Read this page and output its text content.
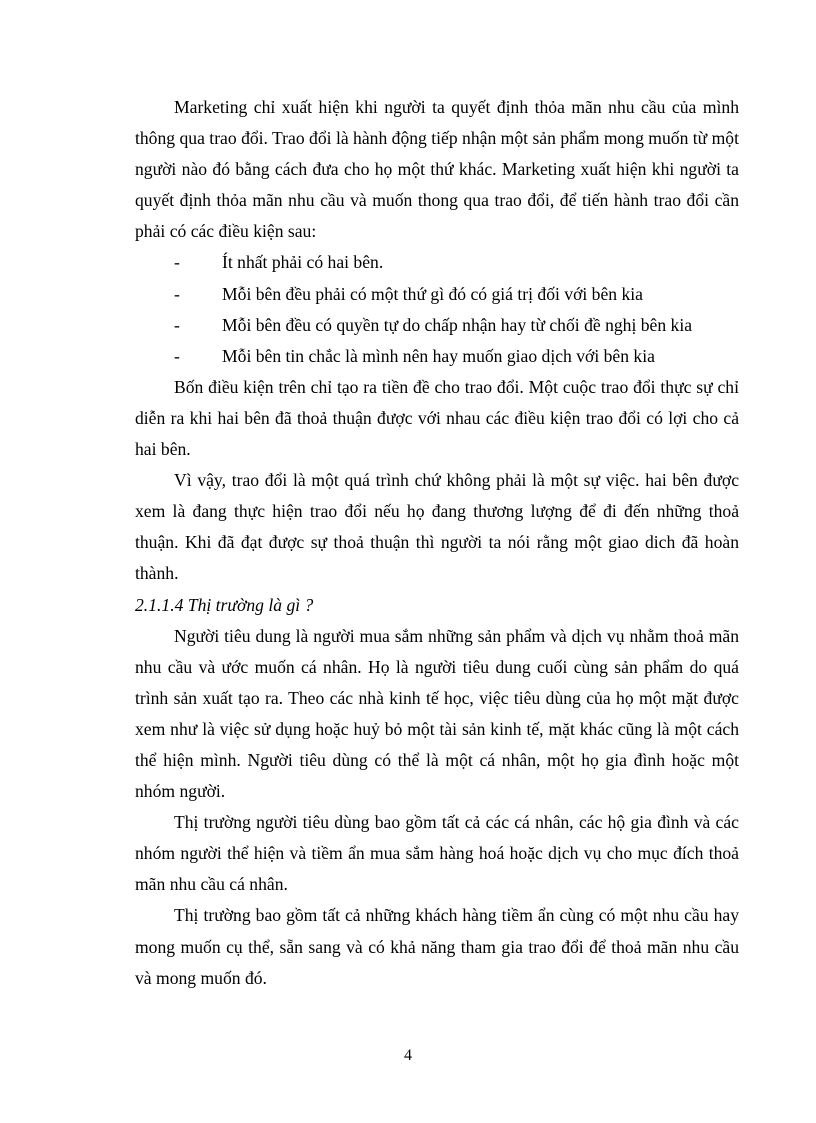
Marketing chỉ xuất hiện khi người ta quyết định thỏa mãn nhu cầu của mình thông qua trao đổi. Trao đổi là hành động tiếp nhận một sản phẩm mong muốn từ một người nào đó bằng cách đưa cho họ một thứ khác. Marketing xuất hiện khi người ta quyết định thỏa mãn nhu cầu và muốn thong qua trao đổi, để tiến hành trao đổi cần phải có các điều kiện sau:

-	Ít nhất phải có hai bên.
-	Mỗi bên đều phải có một thứ gì đó có giá trị đối với bên kia
-	Mỗi bên đều có quyền tự do chấp nhận hay từ chối đề nghị bên kia
-	Mỗi bên tin chắc là mình nên hay muốn giao dịch với bên kia

Bốn điều kiện trên chỉ tạo ra tiền đề cho trao đổi. Một cuộc trao đổi thực sự chỉ diễn ra khi hai bên đã thoả thuận được với nhau các điều kiện trao đổi có lợi cho cả hai bên.

Vì vậy, trao đổi là một quá trình chứ không phải là một sự việc. hai bên được xem là đang thực hiện trao đổi nếu họ đang thương lượng để đi đến những thoả thuận. Khi đã đạt được sự thoả thuận thì người ta nói rằng một giao dich đã hoàn thành.

2.1.1.4 Thị trường là gì ?

Người tiêu dung là người mua sắm những sản phẩm và dịch vụ nhằm thoả mãn nhu cầu và ước muốn cá nhân. Họ là người tiêu dung cuối cùng sản phẩm do quá trình sản xuất tạo ra. Theo các nhà kinh tế học, việc tiêu dùng của họ một mặt được xem như là việc sử dụng hoặc huỷ bỏ một tài sản kinh tế, mặt khác cũng là một cách thể hiện mình. Người tiêu dùng có thể là một cá nhân, một họ gia đình hoặc một nhóm người.

Thị trường người tiêu dùng bao gồm tất cả các cá nhân, các hộ gia đình và các nhóm người thể hiện và tiềm ẩn mua sắm hàng hoá hoặc dịch vụ cho mục đích thoả mãn nhu cầu cá nhân.

Thị trường bao gồm tất cả những khách hàng tiềm ẩn cùng có một nhu cầu hay mong muốn cụ thể, sẵn sang và có khả năng tham gia trao đổi để thoả mãn nhu cầu và mong muốn đó.

4
